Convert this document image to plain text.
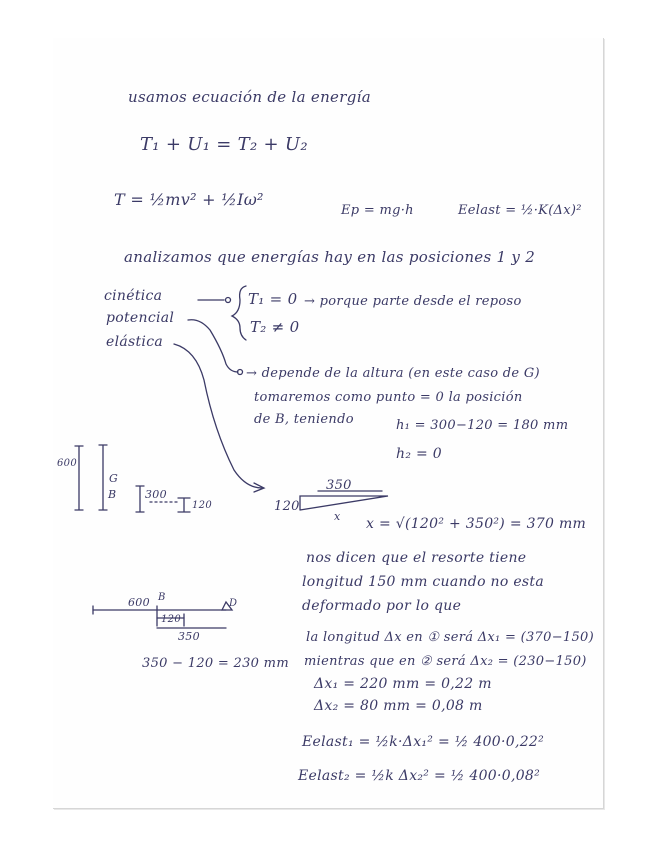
usamos ecuación de la energía
T₁ + U₁ = T₂ + U₂
T = ½mv² + ½Iω²
Ep = mg·h	Eelast = ½·K(Δx)²
analizamos que energías hay en las posiciones 1 y 2
cinética
potencial
elástica
T₁ = 0 → porque parte desde el reposo
T₂ ≠ 0
→ depende de la altura (en este caso de G)
tomaremos como punto = 0 la posición
de B, teniendo	h₁ = 300−120 = 180 mm
h₂ = 0
600
G
B	300
120
350
120
x x = √(120² + 350²) = 370 mm
nos dicen que el resorte tiene
longitud 150 mm cuando no esta
deformado por lo que
600 B
120
D
350
350 − 120 = 230 mm
la longitud Δx en ① será Δx₁ = (370−150)
mientras que en ② será Δx₂ = (230−150)
Δx₁ = 220 mm = 0,22 m
Δx₂ = 80 mm = 0,08 m
Eelast₁ = ½k·Δx₁² = ½ 400·0,22²
Eelast₂ = ½k Δx₂² = ½ 400·0,08²
